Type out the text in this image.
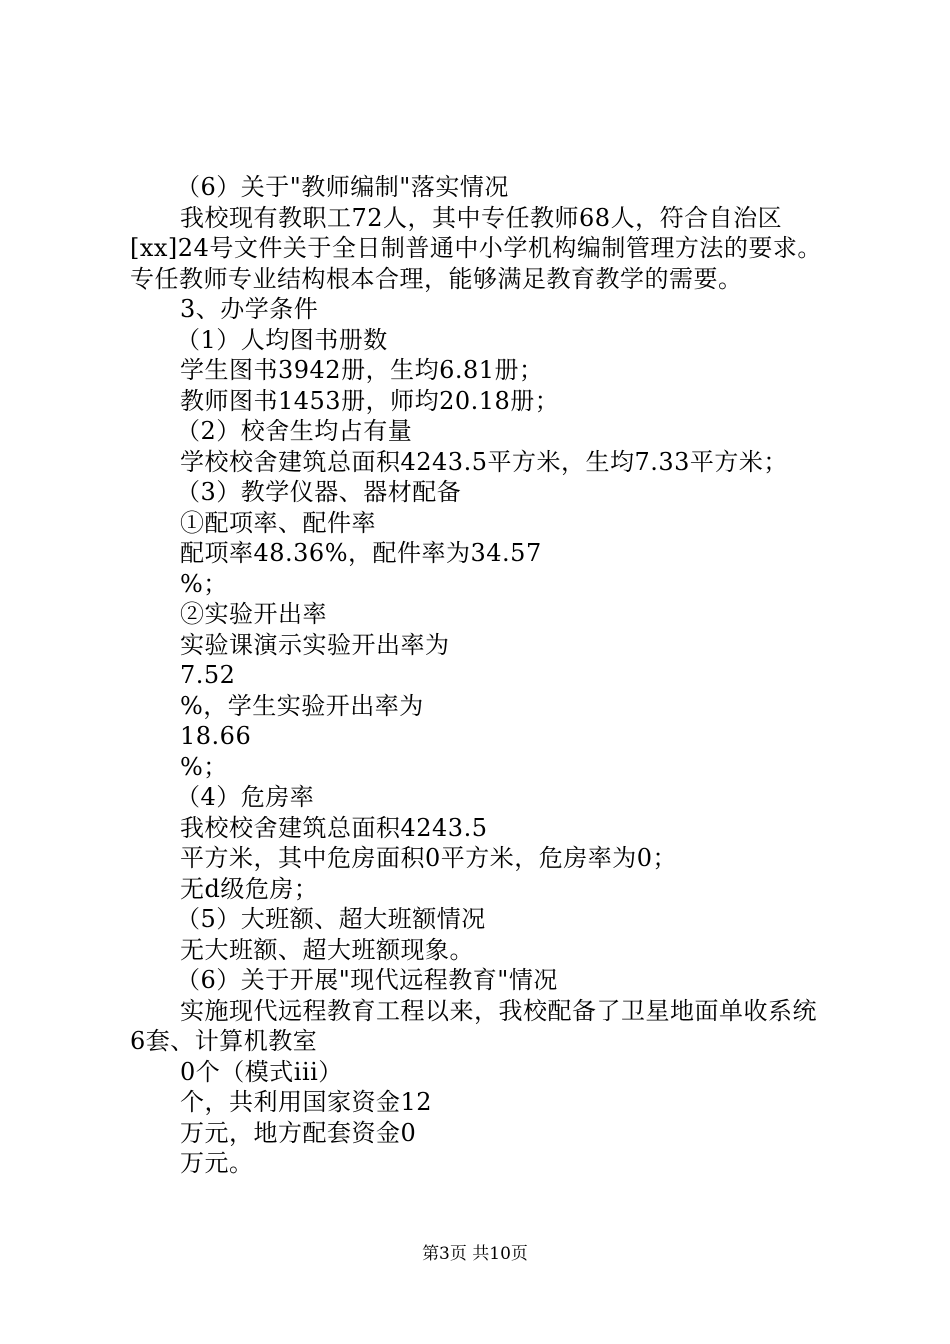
（6）关于"教师编制"落实情况
我校现有教职工72人，其中专任教师68人，符合自治区
[xx]24号文件关于全日制普通中小学机构编制管理方法的要求。
专任教师专业结构根本合理，能够满足教育教学的需要。
3、办学条件
（1）人均图书册数
学生图书3942册，生均6.81册；
教师图书1453册，师均20.18册；
（2）校舍生均占有量
学校校舍建筑总面积4243.5平方米，生均7.33平方米；
（3）教学仪器、器材配备
①配项率、配件率
配项率48.36%，配件率为34.57
%；
②实验开出率
实验课演示实验开出率为
7.52
%，学生实验开出率为
18.66
%；
（4）危房率
我校校舍建筑总面积4243.5
平方米，其中危房面积0平方米，危房率为0；
无d级危房；
（5）大班额、超大班额情况
无大班额、超大班额现象。
（6）关于开展"现代远程教育"情况
实施现代远程教育工程以来，我校配备了卫星地面单收系统
6套、计算机教室
0个（模式iii）
个，共利用国家资金12
万元，地方配套资金0
万元。
第3页 共10页
